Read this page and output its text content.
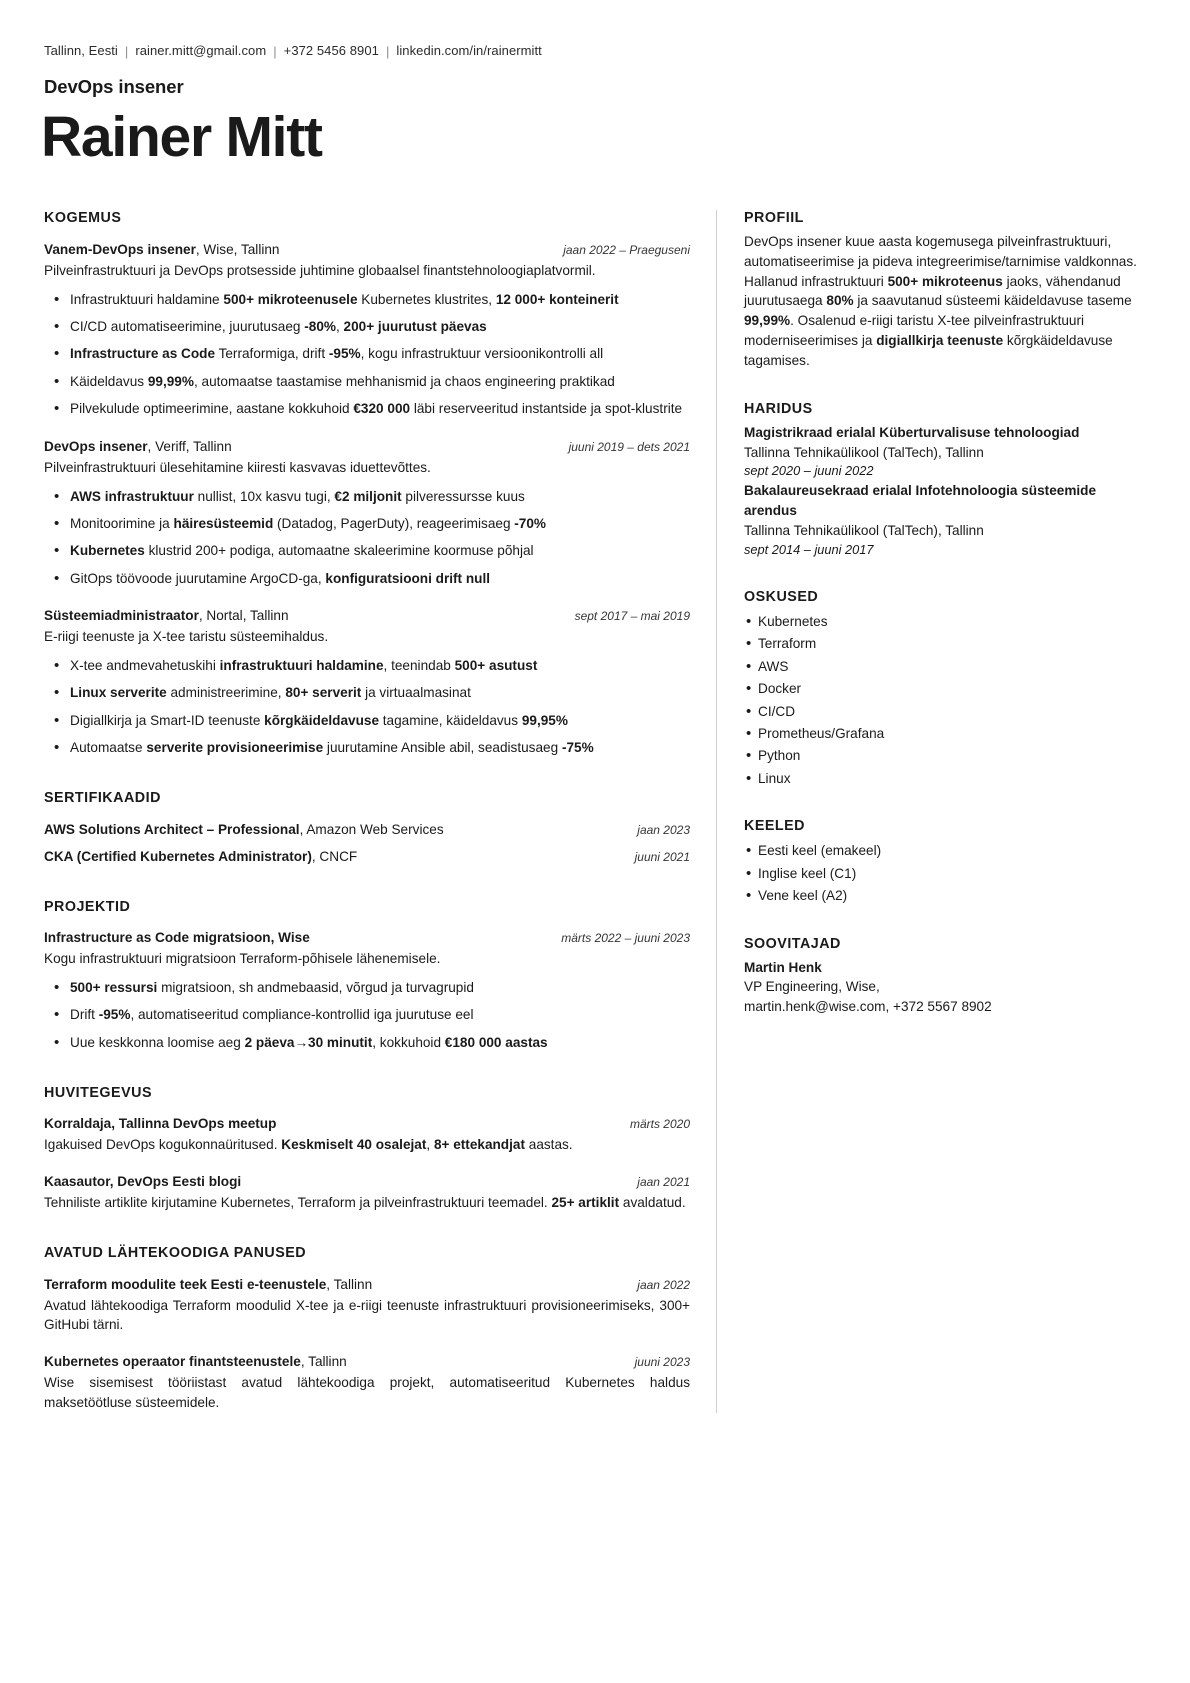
Tallinn, Eesti | rainer.mitt@gmail.com | +372 5456 8901 | linkedin.com/in/rainermitt
DevOps insener
Rainer Mitt
KOGEMUS
Vanem-DevOps insener, Wise, Tallinn	jaan 2022 – Praeguseni

Pilveinfrastruktuuri ja DevOps protsesside juhtimine globaalsel finantstehnoloogiaplatvormil.

• Infrastruktuuri haldamine 500+ mikroteenusele Kubernetes klustrites, 12 000+ konteinerit
• CI/CD automatiseerimine, juurutusaeg -80%, 200+ juurutust päevas
• Infrastructure as Code Terraformiga, drift -95%, kogu infrastruktuur versioonikontrolli all
• Käideldavus 99,99%, automaatse taastamise mehhanismid ja chaos engineering praktikad
• Pilvekulude optimeerimine, aastane kokkuhoid €320 000 läbi reserveeritud instantside ja spot-klustrite
DevOps insener, Veriff, Tallinn	juuni 2019 – dets 2021

Pilveinfrastruktuuri ülesehitamine kiiresti kasvavas iduettevõttes.

• AWS infrastruktuur nullist, 10x kasvu tugi, €2 miljonit pilveressursse kuus
• Monitoorimine ja häiresüsteemid (Datadog, PagerDuty), reageerimisaeg -70%
• Kubernetes klustrid 200+ podiga, automaatne skaleerimine koormuse põhjal
• GitOps töövoode juurutamine ArgoCD-ga, konfiguratsiooni drift null
Süsteemiadministraator, Nortal, Tallinn	sept 2017 – mai 2019

E-riigi teenuste ja X-tee taristu süsteemihaldus.

• X-tee andmevahetuskihi infrastruktuuri haldamine, teenindab 500+ asutust
• Linux serverite administreerimine, 80+ serverit ja virtuaalmasinat
• Digiallkirja ja Smart-ID teenuste kõrgkäideldavuse tagamine, käideldavus 99,95%
• Automaatse serverite provisioneerimise juurutamine Ansible abil, seadistusaeg -75%
SERTIFIKAADID
AWS Solutions Architect – Professional, Amazon Web Services	jaan 2023
CKA (Certified Kubernetes Administrator), CNCF	juuni 2021
PROJEKTID
Infrastructure as Code migratsioon, Wise	märts 2022 – juuni 2023

Kogu infrastruktuuri migratsioon Terraform-põhisele lähenemisele.

• 500+ ressursi migratsioon, sh andmebaasid, võrgud ja turvagrupid
• Drift -95%, automatiseeritud compliance-kontrollid iga juurutuse eel
• Uue keskkonna loomise aeg 2 päeva→30 minutit, kokkuhoid €180 000 aastas
HUVITEGEVUS
Korraldaja, Tallinna DevOps meetup	märts 2020

Igakuised DevOps kogukonnaüritused. Keskmiselt 40 osalejat, 8+ ettekandjat aastas.

Kaasautor, DevOps Eesti blogi	jaan 2021

Tehniliste artiklite kirjutamine Kubernetes, Terraform ja pilveinfrastruktuuri teemadel. 25+ artiklit avaldatud.

AVATUD LÄHTEKOODIGA PANUSED
Terraform moodulite teek Eesti e-teenustele, Tallinn	jaan 2022

Avatud lähtekoodiga Terraform moodulid X-tee ja e-riigi teenuste infrastruktuuri provisioneerimiseks, 300+ GitHubi tärni.

Kubernetes operaator finantsteenustele, Tallinn	juuni 2023

Wise sisemisest tööriistast avatud lähtekoodiga projekt, automatiseeritud Kubernetes haldus maksetöötluse süsteemidele.

PROFIIL

DevOps insener kuue aasta kogemusega pilveinfrastruktuuri, automatiseerimise ja pideva integreerimise/tarnimise valdkonnas. Hallanud infrastruktuuri 500+ mikroteenus jaoks, vähendanud juurutusaega 80% ja saavutanud süsteemi käideldavuse taseme 99,99%. Osalenud e-riigi taristu X-tee pilveinfrastruktuuri moderniseerimises ja digiallkirja teenuste kõrgkäideldavuse tagamises.

HARIDUS
Magistrikraad erialal Küberturvalisuse tehnoloogiad
Tallinna Tehnikaülikool (TalTech), Tallinn
sept 2020 – juuni 2022
Bakalaureusekraad erialal Infotehnoloogia süsteemide arendus
Tallinna Tehnikaülikool (TalTech), Tallinn
sept 2014 – juuni 2017
OSKUSED
• Kubernetes
• Terraform
• AWS
• Docker
• CI/CD
• Prometheus/Grafana
• Python
• Linux
KEELED
• Eesti keel (emakeel)
• Inglise keel (C1)
• Vene keel (A2)
SOOVITAJAD
Martin Henk
VP Engineering, Wise,
martin.henk@wise.com, +372 5567 8902
